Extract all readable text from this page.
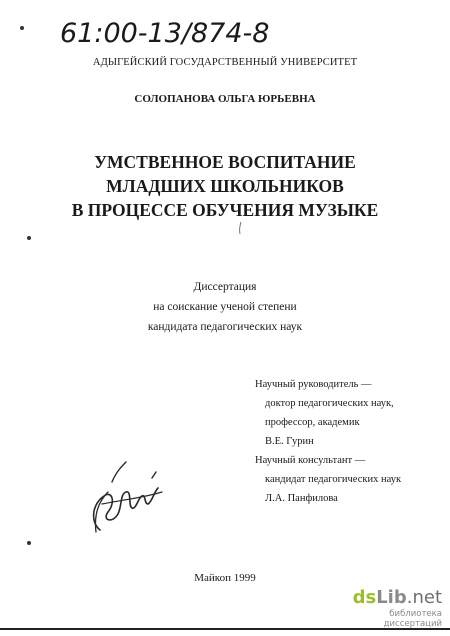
61:00-13/874-8

АДЫГЕЙСКИЙ ГОСУДАРСТВЕННЫЙ УНИВЕРСИТЕТ

СОЛОПАНОВА ОЛЬГА ЮРЬЕВНА

УМСТВЕННОЕ ВОСПИТАНИЕ
МЛАДШИХ ШКОЛЬНИКОВ
В ПРОЦЕССЕ ОБУЧЕНИЯ МУЗЫКЕ
Диссертация
на соискание ученой степени
кандидата педагогических наук
Научный руководитель —
доктор педагогических наук,
профессор, академик
В.Е. Гурин
Научный консультант —
кандидат педагогических наук
Л.А. Панфилова

Майкоп 1999

dsLib.net
библиотека диссертаций
